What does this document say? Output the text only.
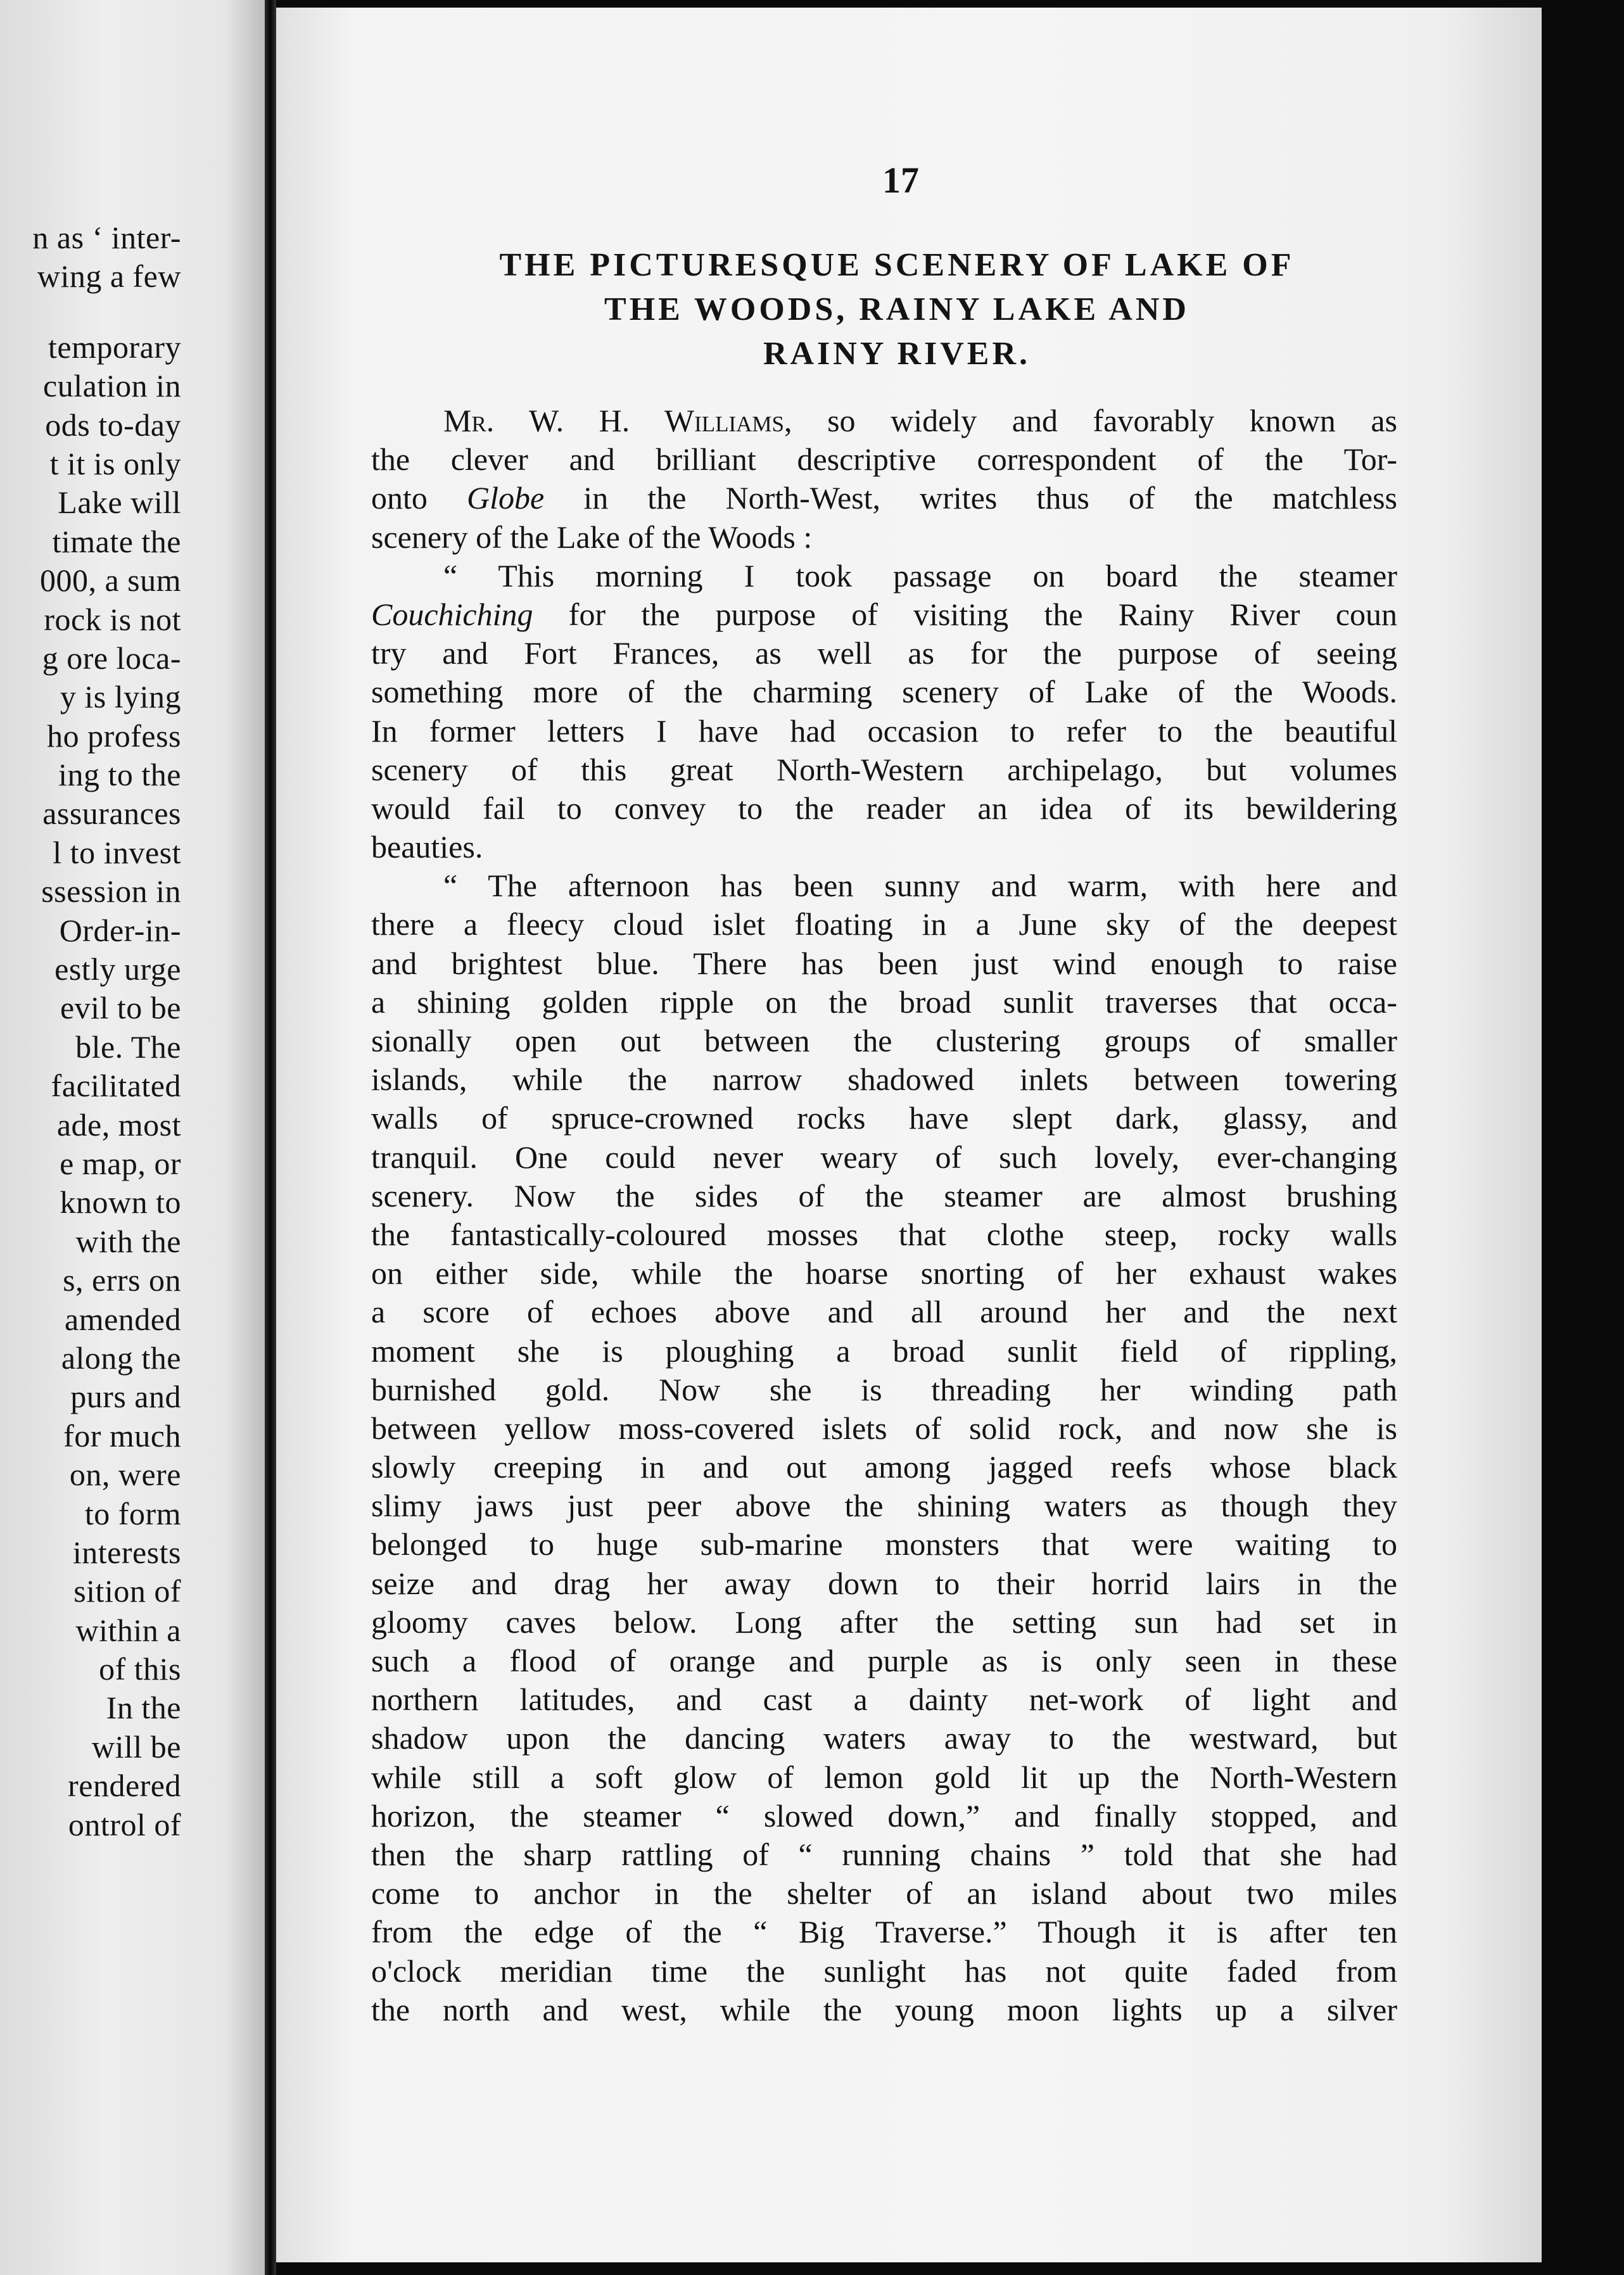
n as ‘ inter-
wing a few
temporary
culation in
ods to-day
t it is only
Lake will
timate the
000, a sum
rock is not
g ore loca-
y is lying
ho profess
ing to the
assurances
l to invest
ssession in
Order-in-
estly urge
evil to be
ble. The
facilitated
ade, most
e map, or
known to
with the
s, errs on
amended
along the
purs and
for much
on, were
to form
interests
sition of
within a
of this
In the
will be
rendered
ontrol of
17
THE PICTURESQUE SCENERY OF LAKE OF
THE WOODS, RAINY LAKE AND
RAINY RIVER.
Mr. W. H. Williams, so widely and favorably known as
the clever and brilliant descriptive correspondent of the Tor-
onto Globe in the North-West, writes thus of the matchless
scenery of the Lake of the Woods :
“ This morning I took passage on board the steamer
Couchiching for the purpose of visiting the Rainy River coun
try and Fort Frances, as well as for the purpose of seeing
something more of the charming scenery of Lake of the Woods.
In former letters I have had occasion to refer to the beautiful
scenery of this great North-Western archipelago, but volumes
would fail to convey to the reader an idea of its bewildering
beauties.
“ The afternoon has been sunny and warm, with here and
there a fleecy cloud islet floating in a June sky of the deepest
and brightest blue. There has been just wind enough to raise
a shining golden ripple on the broad sunlit traverses that occa-
sionally open out between the clustering groups of smaller
islands, while the narrow shadowed inlets between towering
walls of spruce-crowned rocks have slept dark, glassy, and
tranquil. One could never weary of such lovely, ever-changing
scenery. Now the sides of the steamer are almost brushing
the fantastically-coloured mosses that clothe steep, rocky walls
on either side, while the hoarse snorting of her exhaust wakes
a score of echoes above and all around her and the next
moment she is ploughing a broad sunlit field of rippling,
burnished gold. Now she is threading her winding path
between yellow moss-covered islets of solid rock, and now she is
slowly creeping in and out among jagged reefs whose black
slimy jaws just peer above the shining waters as though they
belonged to huge sub-marine monsters that were waiting to
seize and drag her away down to their horrid lairs in the
gloomy caves below. Long after the setting sun had set in
such a flood of orange and purple as is only seen in these
northern latitudes, and cast a dainty net-work of light and
shadow upon the dancing waters away to the westward, but
while still a soft glow of lemon gold lit up the North-Western
horizon, the steamer “ slowed down,” and finally stopped, and
then the sharp rattling of “ running chains ” told that she had
come to anchor in the shelter of an island about two miles
from the edge of the “ Big Traverse.” Though it is after ten
o'clock meridian time the sunlight has not quite faded from
the north and west, while the young moon lights up a silver
